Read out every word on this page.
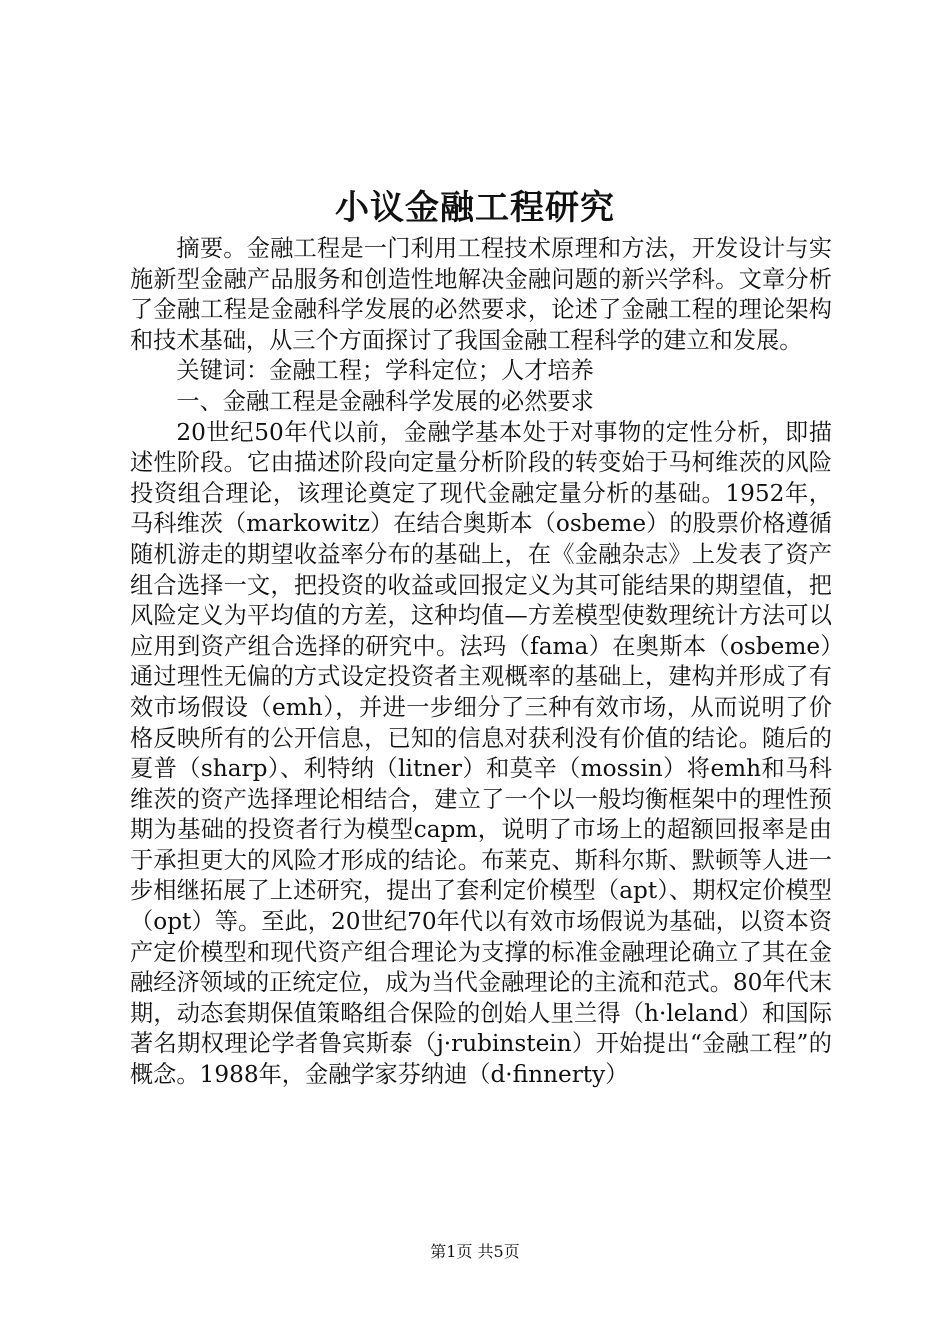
小议金融工程研究

摘要。金融工程是一门利用工程技术原理和方法，开发设计与实施新型金融产品服务和创造性地解决金融问题的新兴学科。文章分析了金融工程是金融科学发展的必然要求，论述了金融工程的理论架构和技术基础，从三个方面探讨了我国金融工程科学的建立和发展。

关键词：金融工程；学科定位；人才培养

一、金融工程是金融科学发展的必然要求

20世纪50年代以前，金融学基本处于对事物的定性分析，即描述性阶段。它由描述阶段向定量分析阶段的转变始于马柯维茨的风险投资组合理论，该理论奠定了现代金融定量分析的基础。1952年，马科维茨（markowitz）在结合奥斯本（osbeme）的股票价格遵循随机游走的期望收益率分布的基础上，在《金融杂志》上发表了资产组合选择一文，把投资的收益或回报定义为其可能结果的期望值，把风险定义为平均值的方差，这种均值—方差模型使数理统计方法可以应用到资产组合选择的研究中。法玛（fama）在奥斯本（osbeme）通过理性无偏的方式设定投资者主观概率的基础上，建构并形成了有效市场假设（emh），并进一步细分了三种有效市场，从而说明了价格反映所有的公开信息，已知的信息对获利没有价值的结论。随后的夏普（sharp）、利特纳（litner）和莫辛（mossin）将emh和马科维茨的资产选择理论相结合，建立了一个以一般均衡框架中的理性预期为基础的投资者行为模型capm，说明了市场上的超额回报率是由于承担更大的风险才形成的结论。布莱克、斯科尔斯、默顿等人进一步相继拓展了上述研究，提出了套利定价模型（apt）、期权定价模型（opt）等。至此，20世纪70年代以有效市场假说为基础，以资本资产定价模型和现代资产组合理论为支撑的标准金融理论确立了其在金融经济领域的正统定位，成为当代金融理论的主流和范式。80年代末期，动态套期保值策略组合保险的创始人里兰得（h·leland）和国际著名期权理论学者鲁宾斯泰（j·rubinstein）开始提出“金融工程”的概念。1988年，金融学家芬纳迪（d·finnerty）

第1页 共5页
